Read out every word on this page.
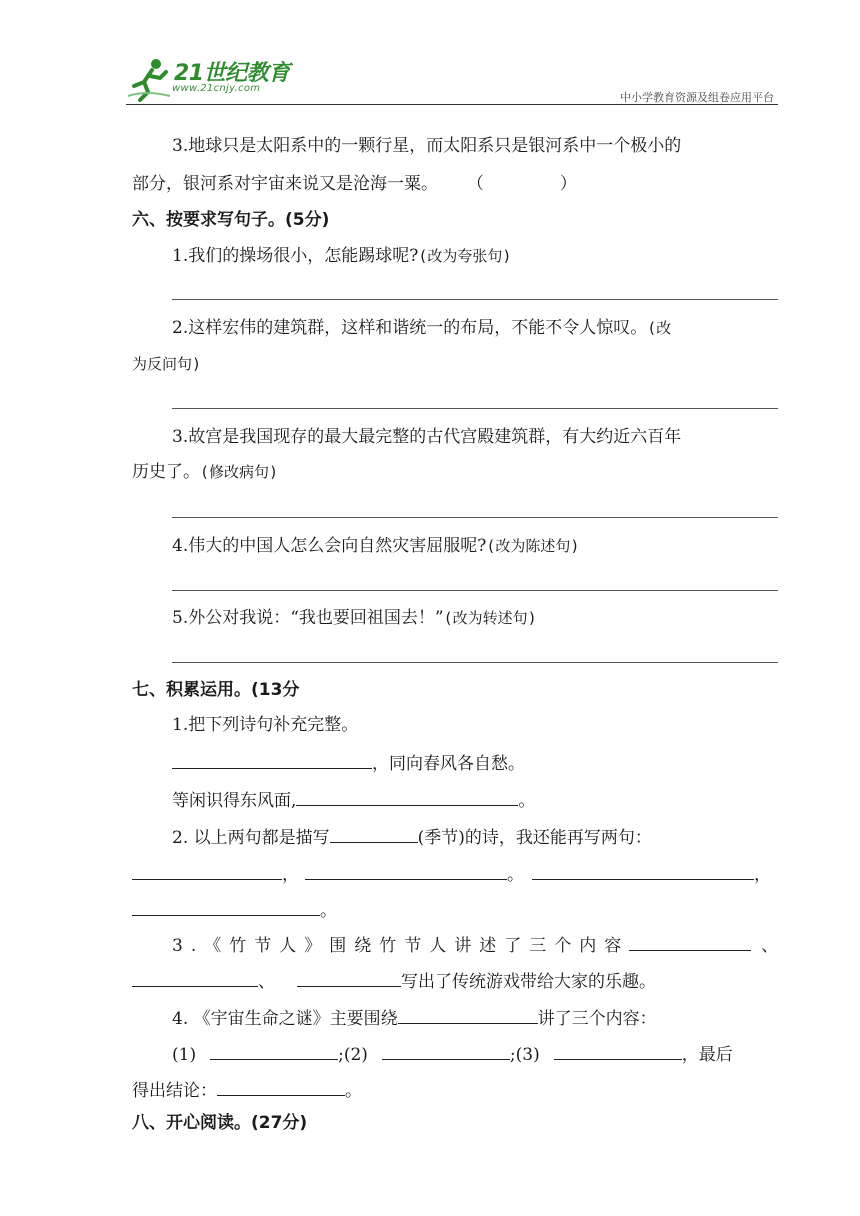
21世纪教育
www.21cnjy.com
中小学教育资源及组卷应用平台
3.地球只是太阳系中的一颗行星，而太阳系只是银河系中一个极小的
部分，银河系对宇宙来说又是沧海一粟。 （	）
六、按要求写句子。(5分)
1.我们的操场很小，怎能踢球呢?(改为夸张句)
2.这样宏伟的建筑群，这样和谐统一的布局，不能不令人惊叹。(改
为反问句)
3.故宫是我国现存的最大最完整的古代宫殿建筑群，有大约近六百年
历史了。(修改病句)
4.伟大的中国人怎么会向自然灾害屈服呢?(改为陈述句)
5.外公对我说：“我也要回祖国去！”(改为转述句)
七、积累运用。(13分
1.把下列诗句补充完整。
，同向春风各自愁。
等闲识得东风面,	。
2. 以上两句都是描写	(季节)的诗，我还能再写两句：
，	。	，
。
3.《竹节人》围绕竹节人讲述了三个内容	、
、	写出了传统游戏带给大家的乐趣。
4. 《宇宙生命之谜》主要围绕	讲了三个内容：
(1)	;(2)	;(3)	，最后
得出结论：	。
八、开心阅读。(27分)
